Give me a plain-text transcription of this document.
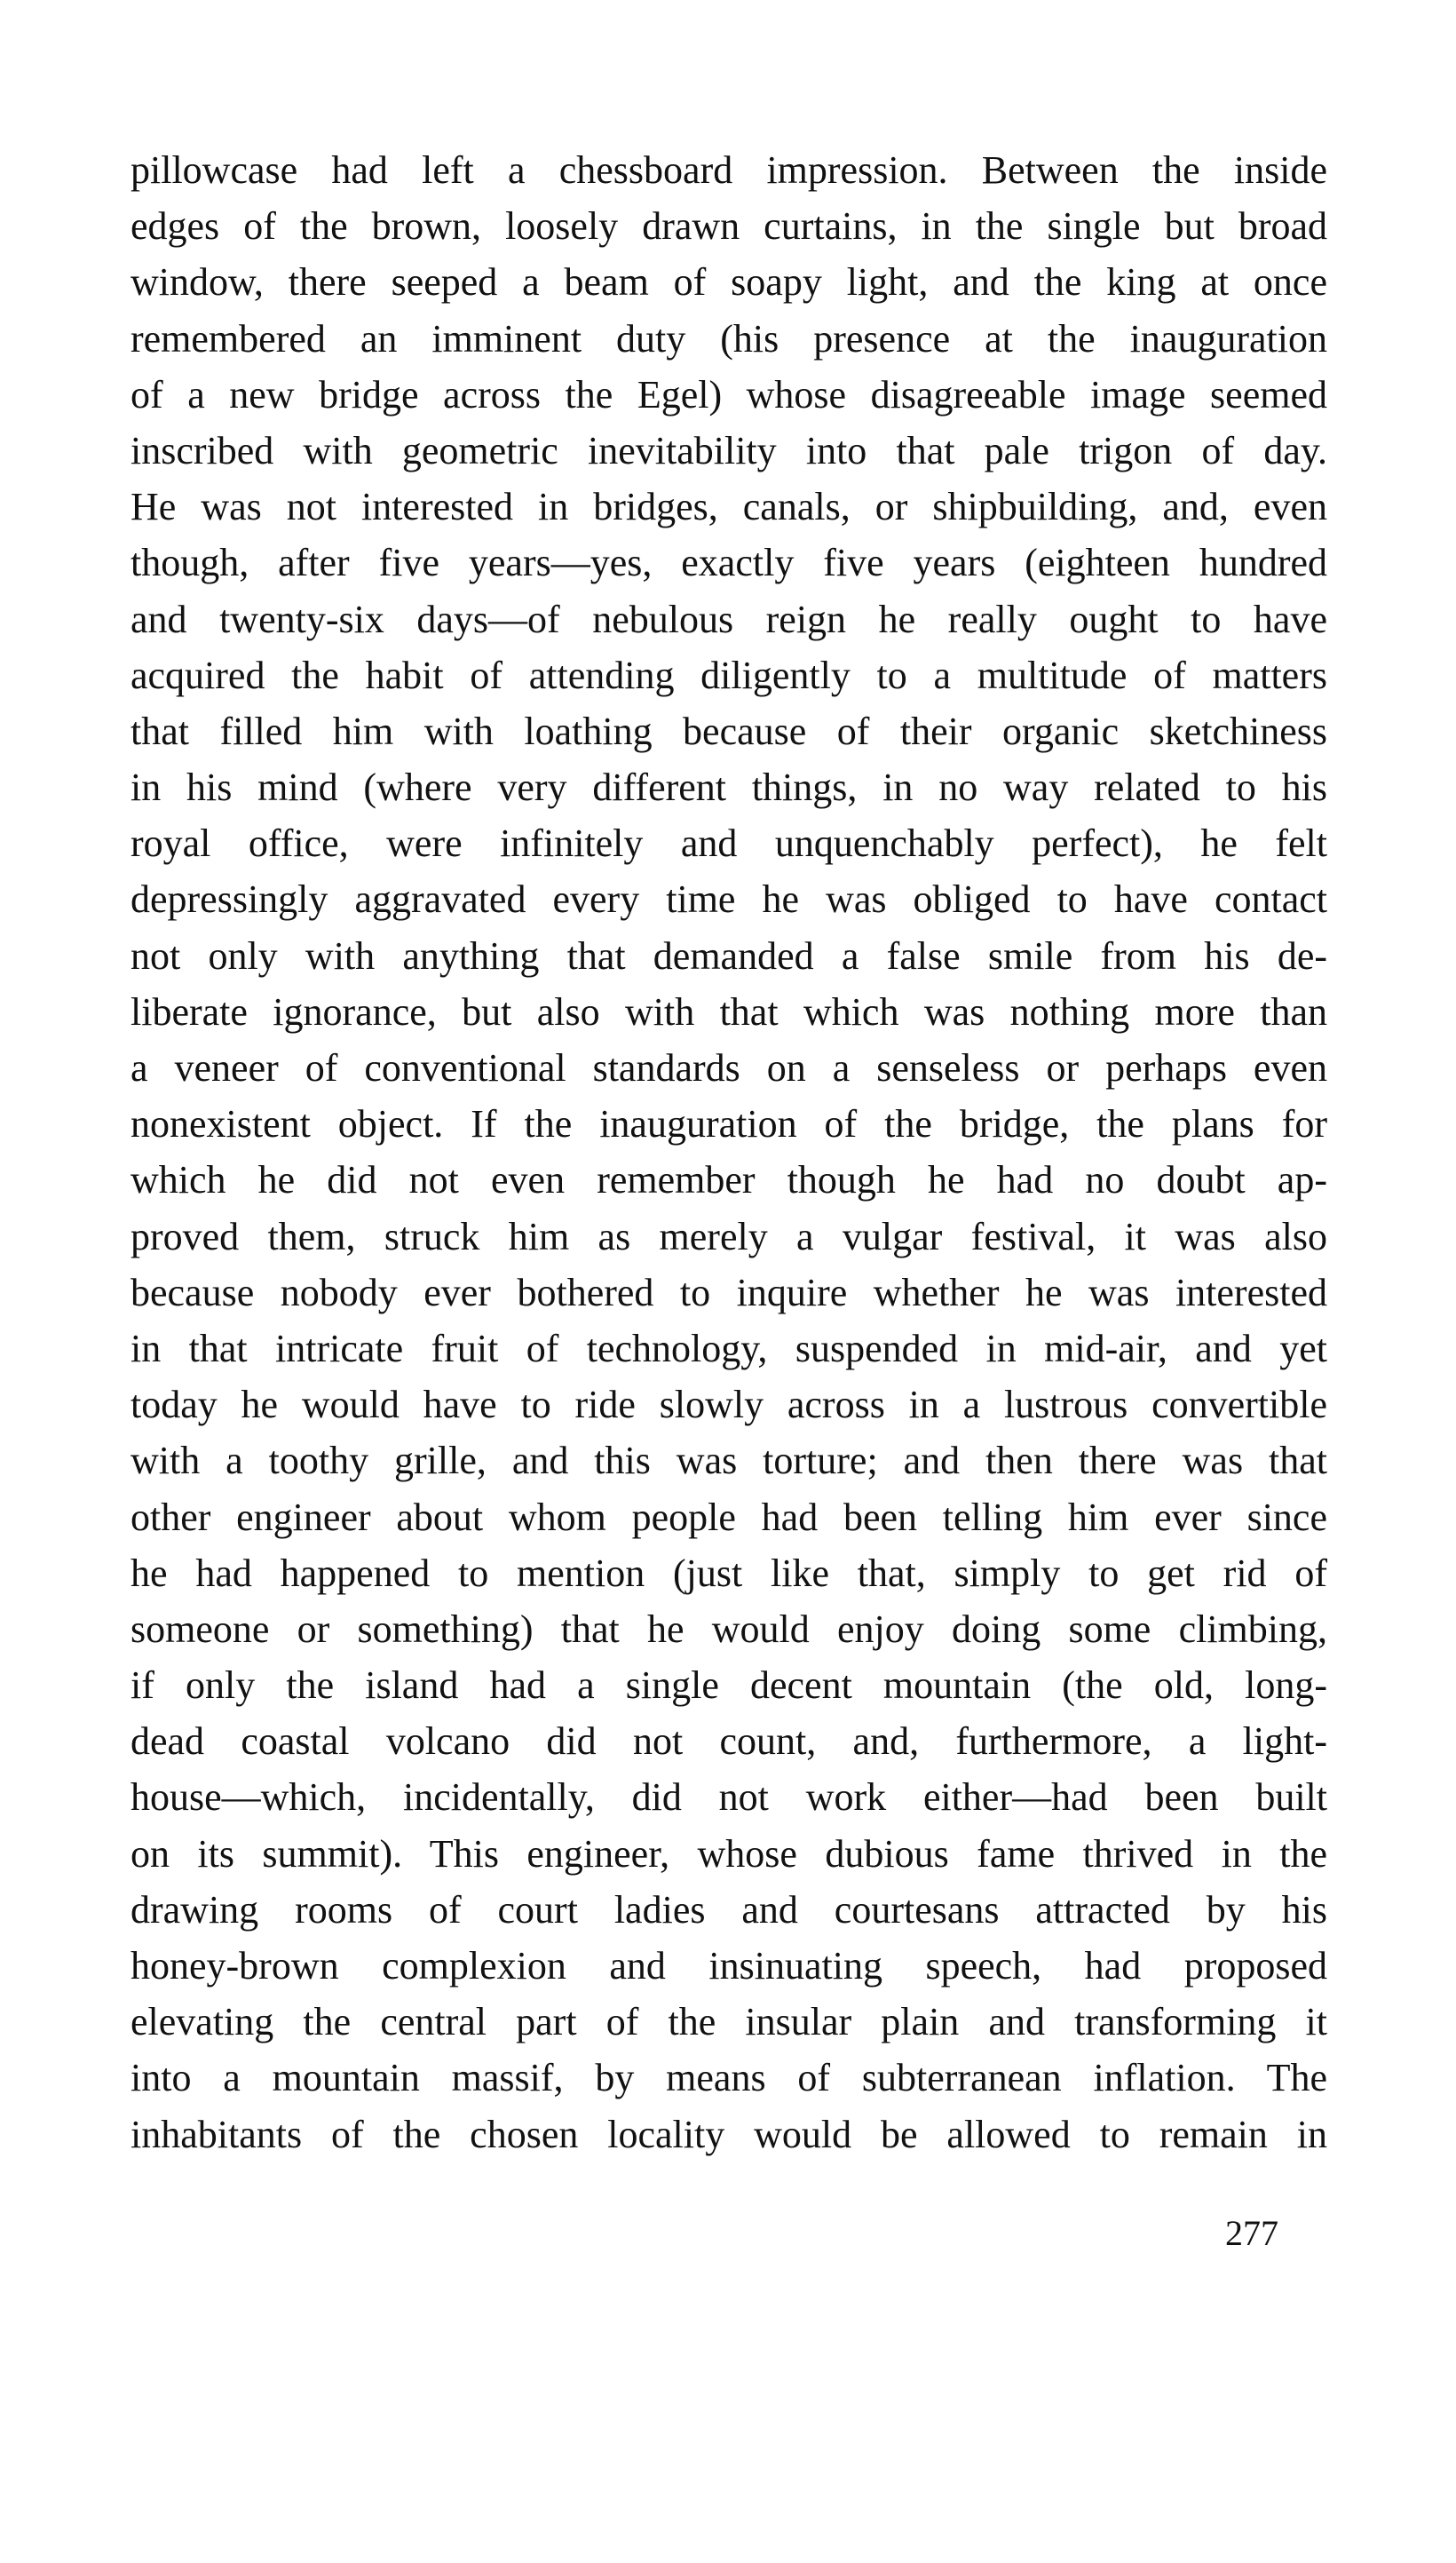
pillowcase had left a chessboard impression. Between the inside
edges of the brown, loosely drawn curtains, in the single but broad
window, there seeped a beam of soapy light, and the king at once
remembered an imminent duty (his presence at the inauguration
of a new bridge across the Egel) whose disagreeable image seemed
inscribed with geometric inevitability into that pale trigon of day.
He was not interested in bridges, canals, or shipbuilding, and, even
though, after five years—yes, exactly five years (eighteen hundred
and twenty-six days—of nebulous reign he really ought to have
acquired the habit of attending diligently to a multitude of matters
that filled him with loathing because of their organic sketchiness
in his mind (where very different things, in no way related to his
royal office, were infinitely and unquenchably perfect), he felt
depressingly aggravated every time he was obliged to have contact
not only with anything that demanded a false smile from his de-
liberate ignorance, but also with that which was nothing more than
a veneer of conventional standards on a senseless or perhaps even
nonexistent object. If the inauguration of the bridge, the plans for
which he did not even remember though he had no doubt ap-
proved them, struck him as merely a vulgar festival, it was also
because nobody ever bothered to inquire whether he was interested
in that intricate fruit of technology, suspended in mid-air, and yet
today he would have to ride slowly across in a lustrous convertible
with a toothy grille, and this was torture; and then there was that
other engineer about whom people had been telling him ever since
he had happened to mention (just like that, simply to get rid of
someone or something) that he would enjoy doing some climbing,
if only the island had a single decent mountain (the old, long-
dead coastal volcano did not count, and, furthermore, a light-
house—which, incidentally, did not work either—had been built
on its summit). This engineer, whose dubious fame thrived in the
drawing rooms of court ladies and courtesans attracted by his
honey-brown complexion and insinuating speech, had proposed
elevating the central part of the insular plain and transforming it
into a mountain massif, by means of subterranean inflation. The
inhabitants of the chosen locality would be allowed to remain in
277
